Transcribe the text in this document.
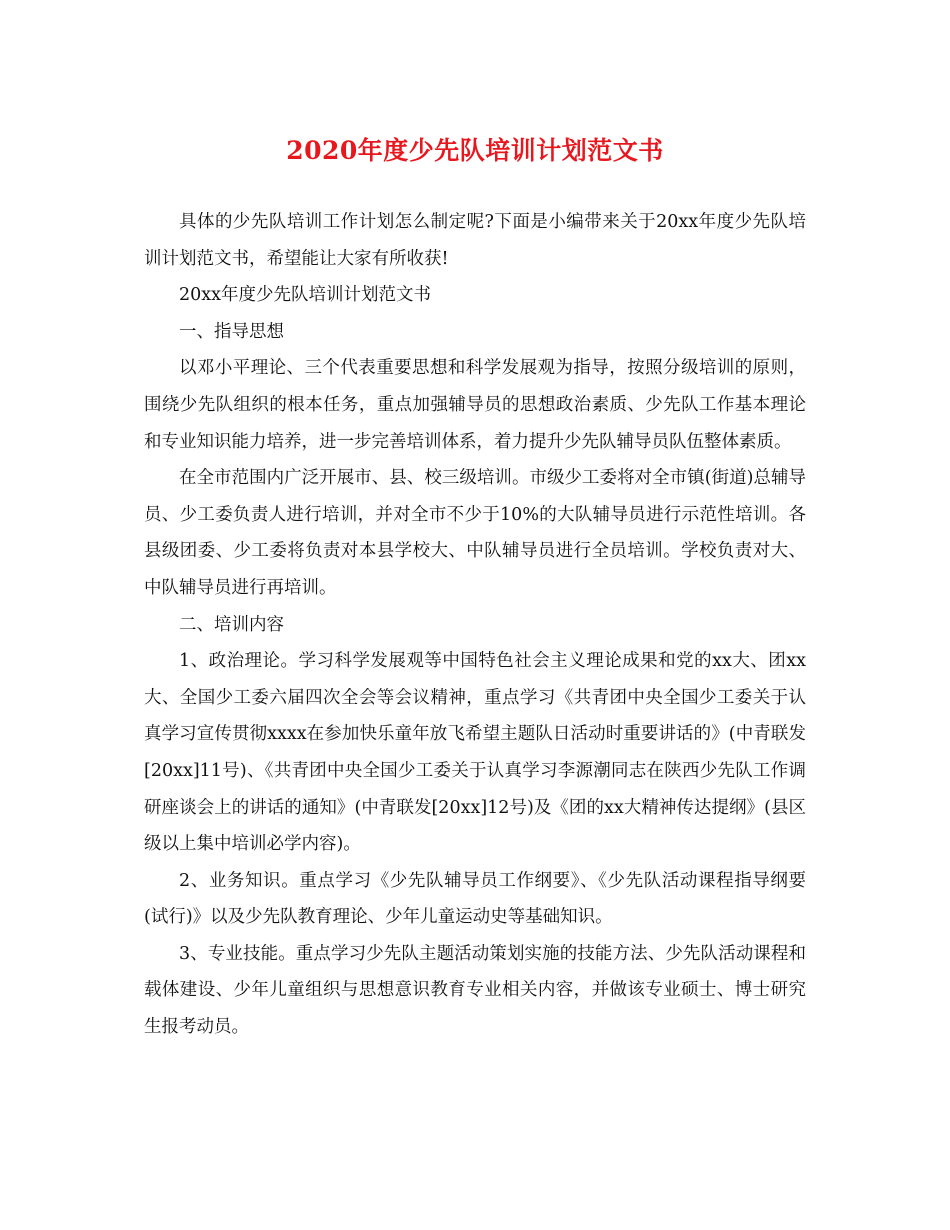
2020年度少先队培训计划范文书

具体的少先队培训工作计划怎么制定呢?下面是小编带来关于20xx年度少先队培训计划范文书，希望能让大家有所收获!

20xx年度少先队培训计划范文书

一、指导思想

以邓小平理论、三个代表重要思想和科学发展观为指导，按照分级培训的原则，围绕少先队组织的根本任务，重点加强辅导员的思想政治素质、少先队工作基本理论和专业知识能力培养，进一步完善培训体系，着力提升少先队辅导员队伍整体素质。

在全市范围内广泛开展市、县、校三级培训。市级少工委将对全市镇(街道)总辅导员、少工委负责人进行培训，并对全市不少于10%的大队辅导员进行示范性培训。各县级团委、少工委将负责对本县学校大、中队辅导员进行全员培训。学校负责对大、中队辅导员进行再培训。

二、培训内容

1、政治理论。学习科学发展观等中国特色社会主义理论成果和党的xx大、团xx大、全国少工委六届四次全会等会议精神，重点学习《共青团中央全国少工委关于认真学习宣传贯彻xxxx在参加快乐童年放飞希望主题队日活动时重要讲话的》(中青联发[20xx]11号)、《共青团中央全国少工委关于认真学习李源潮同志在陕西少先队工作调研座谈会上的讲话的通知》(中青联发[20xx]12号)及《团的xx大精神传达提纲》(县区级以上集中培训必学内容)。

2、业务知识。重点学习《少先队辅导员工作纲要》、《少先队活动课程指导纲要(试行)》以及少先队教育理论、少年儿童运动史等基础知识。

3、专业技能。重点学习少先队主题活动策划实施的技能方法、少先队活动课程和载体建设、少年儿童组织与思想意识教育专业相关内容，并做该专业硕士、博士研究生报考动员。
